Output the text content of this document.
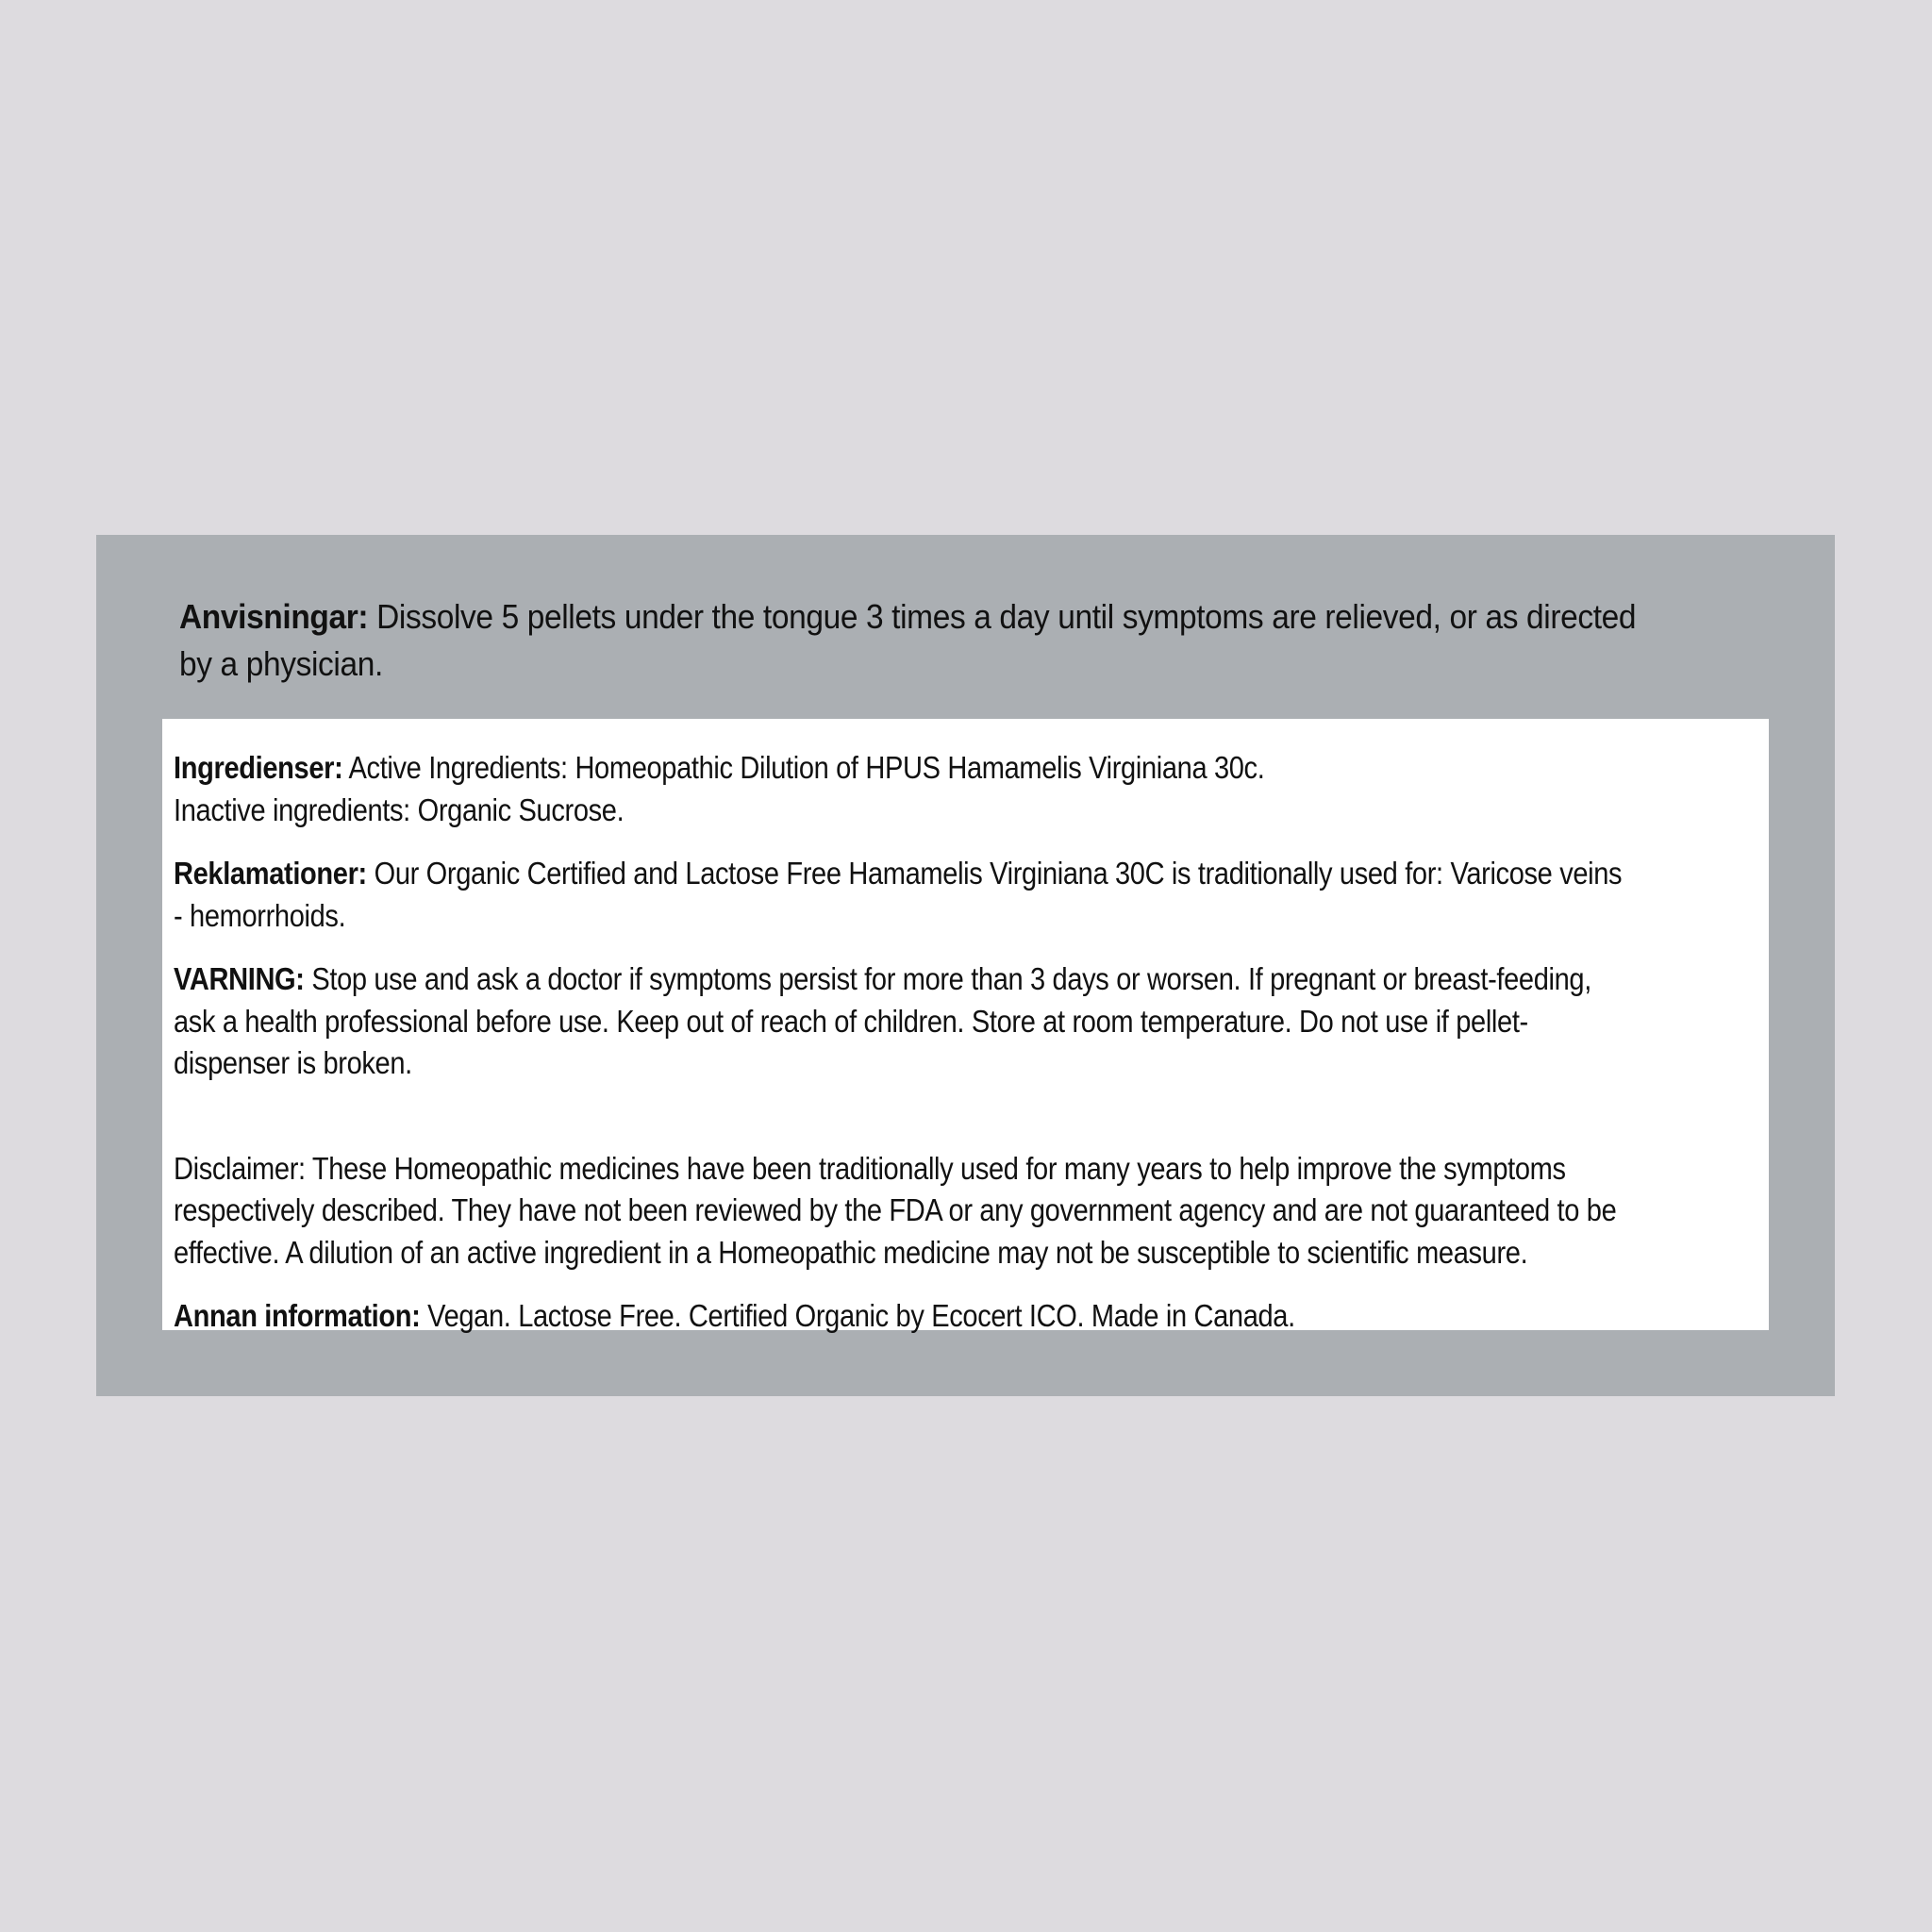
Anvisningar: Dissolve 5 pellets under the tongue 3 times a day until symptoms are relieved, or as directed by a physician.

Ingredienser: Active Ingredients: Homeopathic Dilution of HPUS Hamamelis Virginiana 30c.
Inactive ingredients: Organic Sucrose.

Reklamationer: Our Organic Certified and Lactose Free Hamamelis Virginiana 30C is traditionally used for: Varicose veins - hemorrhoids.

VARNING: Stop use and ask a doctor if symptoms persist for more than 3 days or worsen. If pregnant or breast-feeding, ask a health professional before use. Keep out of reach of children. Store at room temperature. Do not use if pellet-dispenser is broken.

Disclaimer: These Homeopathic medicines have been traditionally used for many years to help improve the symptoms respectively described. They have not been reviewed by the FDA or any government agency and are not guaranteed to be effective. A dilution of an active ingredient in a Homeopathic medicine may not be susceptible to scientific measure.

Annan information: Vegan. Lactose Free. Certified Organic by Ecocert ICO. Made in Canada.
